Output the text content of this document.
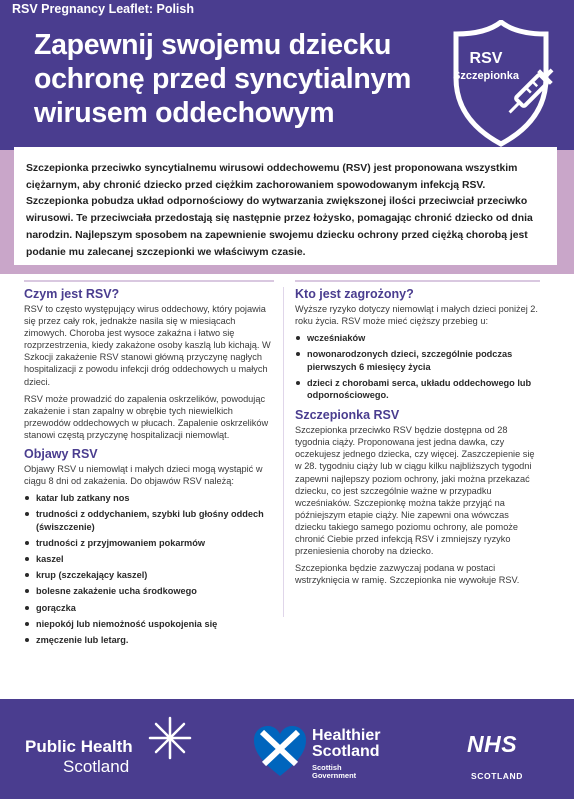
RSV Pregnancy Leaflet: Polish
Zapewnij swojemu dziecku ochronę przed syncytialnym wirusem oddechowym
RSV
Szczepionka
Szczepionka przeciwko syncytialnemu wirusowi oddechowemu (RSV) jest proponowana wszystkim ciężarnym, aby chronić dziecko przed ciężkim zachorowaniem spowodowanym infekcją RSV. Szczepionka pobudza układ odpornościowy do wytwarzania zwiększonej ilości przeciwciał przeciwko wirusowi. Te przeciwciała przedostają się następnie przez łożysko, pomagając chronić dziecko od dnia narodzin. Najlepszym sposobem na zapewnienie swojemu dziecku ochrony przed ciężką chorobą jest podanie mu zalecanej szczepionki we właściwym czasie.
Czym jest RSV?

RSV to często występujący wirus oddechowy, który pojawia się przez cały rok, jednakże nasila się w miesiącach zimowych. Choroba jest wysoce zakaźna i łatwo się rozprzestrzenia, kiedy zakażone osoby kaszlą lub kichają. W Szkocji zakażenie RSV stanowi główną przyczynę nagłych hospitalizacji z powodu infekcji dróg oddechowych u małych dzieci.

RSV może prowadzić do zapalenia oskrzelików, powodując zakażenie i stan zapalny w obrębie tych niewielkich przewodów oddechowych w płucach. Zapalenie oskrzelików stanowi częstą przyczynę hospitalizacji niemowląt.

Objawy RSV

Objawy RSV u niemowląt i małych dzieci mogą wystąpić w ciągu 8 dni od zakażenia. Do objawów RSV należą:

katar lub zatkany nos
trudności z oddychaniem, szybki lub głośny oddech (świszczenie)
trudności z przyjmowaniem pokarmów
kaszel
krup (szczekający kaszel)
bolesne zakażenie ucha środkowego
gorączka
niepokój lub niemożność uspokojenia się
zmęczenie lub letarg.
Kto jest zagrożony?

Wyższe ryzyko dotyczy niemowląt i małych dzieci poniżej 2. roku życia. RSV może mieć cięższy przebieg u:

wcześniaków
nowonarodzonych dzieci, szczególnie podczas pierwszych 6 miesięcy życia
dzieci z chorobami serca, układu oddechowego lub odpornościowego.
Szczepionka RSV

Szczepionka przeciwko RSV będzie dostępna od 28 tygodnia ciąży. Proponowana jest jedna dawka, czy oczekujesz jednego dziecka, czy więcej. Zaszczepienie się w 28. tygodniu ciąży lub w ciągu kilku najbliższych tygodni zapewni najlepszy poziom ochrony, jaki można przekazać dziecku, co jest szczególnie ważne w przypadku wcześniaków. Szczepionkę można także przyjąć na późniejszym etapie ciąży. Nie zapewni ona wówczas dziecku takiego samego poziomu ochrony, ale pomoże chronić Ciebie przed infekcją RSV i zmniejszy ryzyko przeniesienia choroby na dziecko.

Szczepionka będzie zazwyczaj podana w postaci wstrzyknięcia w ramię. Szczepionka nie wywołuje RSV.

Public Health
Scotland
Healthier
Scotland
Scottish
Government
NHS
SCOTLAND
